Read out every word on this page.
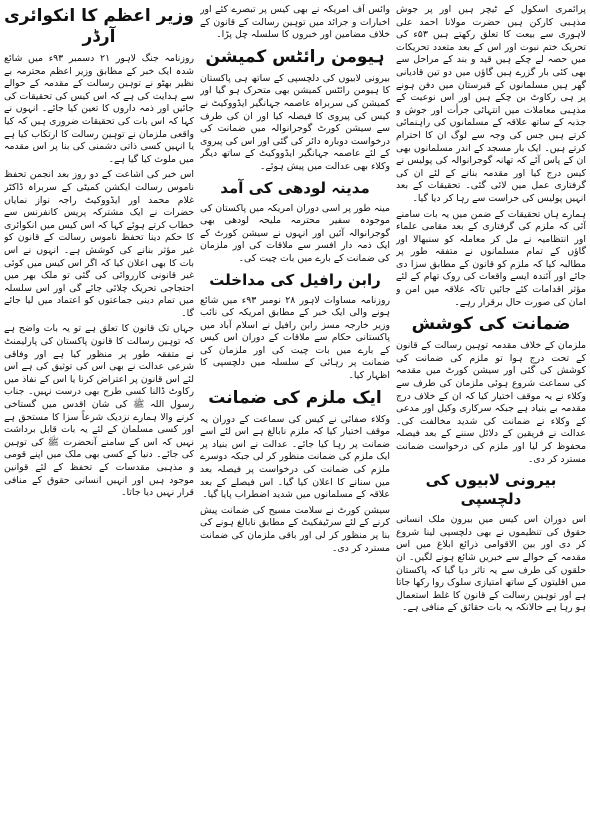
پرائمری اسکول کے ٹیچر ہیں اور پر جوش مذہبی کارکن ہیں حضرت مولانا احمد علی لاہوری سے بیعت کا تعلق رکھتے ہیں ۵۳ء کی تحریک ختم نبوت اور اس کے بعد متعدد تحریکات میں حصہ لے چکے ہیں قید و بند کے مراحل سے بھی کئی بار گزرے ہیں گاؤں میں دو تین قادیانی گھر ہیں مسلمانوں کے قبرستان میں دفن ہونے پر ہی رکاوٹ بن چکے ہیں اور اس نوعیت کے مذہبی معاملات میں انتہائی جرأت اور جوش و جذبہ کے ساتھ علاقہ کے مسلمانوں کی راہنمائی کرتے ہیں جس کی وجہ سے لوگ ان کا احترام کرتے ہیں۔ ایک بار مسجد کے اندر مسلمانوں بھی ان کے پاس آئے کہ تھانہ گوجرانوالہ کی پولیس نے کیس درج کیا اور مقدمہ بنانے کے لئے ان کی گرفتاری عمل میں لائی گئی۔ تحقیقات کے بعد انہیں پولیس کی حراست سے رہا کر دیا گیا۔

ہمارے ہاں تحقیقات کے ضمن میں یہ بات سامنے آئی کہ ملزم کی گرفتاری کے بعد مقامی علماء اور انتظامیہ نے مل کر معاملہ کو سنبھالا اور گاؤں کے تمام مسلمانوں نے متفقہ طور پر مطالبہ کیا کہ ملزم کو قانون کے مطابق سزا دی جائے اور آئندہ ایسے واقعات کی روک تھام کے لئے مؤثر اقدامات کئے جائیں تاکہ علاقہ میں امن و امان کی صورت حال برقرار رہے۔

ضمانت کی کوشش

ملزمان کے خلاف مقدمہ توہین رسالت کے قانون کے تحت درج ہوا تو ملزم کی ضمانت کی کوشش کی گئی اور سیشن کورٹ میں مقدمہ کی سماعت شروع ہوئی ملزمان کی طرف سے وکلاء نے یہ موقف اختیار کیا کہ ان کے خلاف درج مقدمہ بے بنیاد ہے جبکہ سرکاری وکیل اور مدعی کے وکلاء نے ضمانت کی شدید مخالفت کی۔ عدالت نے فریقین کے دلائل سننے کے بعد فیصلہ محفوظ کر لیا اور ملزم کی درخواست ضمانت مسترد کر دی۔

بیرونی لابیوں کی دلچسپی

اس دوران اس کیس میں بیرون ملک انسانی حقوق کی تنظیموں نے بھی دلچسپی لینا شروع کر دی اور بین الاقوامی ذرائع ابلاغ میں اس مقدمہ کے حوالے سے خبریں شائع ہونے لگیں۔ ان حلقوں کی طرف سے یہ تاثر دیا گیا کہ پاکستان میں اقلیتوں کے ساتھ امتیازی سلوک روا رکھا جاتا ہے اور توہین رسالت کے قانون کا غلط استعمال ہو رہا ہے حالانکہ یہ بات حقائق کے منافی ہے۔

وائس آف امریکہ نے بھی کیس پر تبصرے کئے اور اخبارات و جرائد میں توہین رسالت کے قانون کے خلاف مضامین اور خبروں کا سلسلہ چل پڑا۔

ہیومن رائٹس کمیشن

بیرونی لابیوں کی دلچسپی کے ساتھ ہی پاکستان کا ہیومن رائٹس کمیشن بھی متحرک ہو گیا اور کمیشن کی سربراہ عاصمہ جہانگیر ایڈووکیٹ نے کیس کی پیروی کا فیصلہ کیا اور ان کی طرف سے سیشن کورٹ گوجرانوالہ میں ضمانت کی درخواست دوبارہ دائر کی گئی اور اس کی پیروی کے لئے عاصمہ جہانگیر ایڈووکیٹ کے ساتھ دیگر وکلاء بھی عدالت میں پیش ہوئے۔

مدینہ لودھی کی آمد

مینہ طور پر اسی دوران امریکہ میں پاکستان کی موجودہ سفیر محترمہ ملیحہ لودھی بھی گوجرانوالہ آئیں اور انہوں نے سیشن کورٹ کے ایک ذمہ دار افسر سے ملاقات کی اور ملزمان کی ضمانت کے بارے میں بات چیت کی۔

رابن رافیل کی مداخلت

روزنامہ مساوات لاہور ۲۸ نومبر ۹۳ء میں شائع ہونے والی ایک خبر کے مطابق امریکہ کی نائب وزیر خارجہ مسز رابن رافیل نے اسلام آباد میں پاکستانی حکام سے ملاقات کے دوران اس کیس کے بارے میں بات چیت کی اور ملزمان کی ضمانت پر رہائی کے سلسلہ میں دلچسپی کا اظہار کیا۔

ایک ملزم کی ضمانت

وکلاء صفائی نے کیس کی سماعت کے دوران یہ موقف اختیار کیا کہ ملزم نابالغ ہے اس لئے اسے ضمانت پر رہا کیا جائے۔ عدالت نے اس بنیاد پر ایک ملزم کی ضمانت منظور کر لی جبکہ دوسرے ملزم کی ضمانت کی درخواست پر فیصلہ بعد میں سنانے کا اعلان کیا گیا۔ اس فیصلے کے بعد علاقہ کے مسلمانوں میں شدید اضطراب پایا گیا۔

سیشن کورٹ نے سلامت مسیح کی ضمانت پیش کرنے کے لئے سرٹیفکیٹ کے مطابق نابالغ ہونے کی بنا پر منظور کر لی اور باقی ملزمان کی ضمانت مسترد کر دی۔

وزیر اعظم کا انکوائری آرڈر

روزنامہ جنگ لاہور ۲۱ دسمبر ۹۳ء میں شائع شدہ ایک خبر کے مطابق وزیر اعظم محترمہ بے نظیر بھٹو نے توہین رسالت کے مقدمہ کے حوالے سے ہدایت کی ہے کہ اس کیس کی تحقیقات کی جائیں اور ذمہ داروں کا تعین کیا جائے۔ انہوں نے کہا کہ اس بات کی تحقیقات ضروری ہیں کہ کیا واقعی ملزمان نے توہین رسالت کا ارتکاب کیا ہے یا انہیں کسی ذاتی دشمنی کی بنا پر اس مقدمہ میں ملوث کیا گیا ہے۔

اس خبر کی اشاعت کے دو روز بعد انجمن تحفظ ناموس رسالت ایکشن کمیٹی کے سربراہ ڈاکٹر غلام محمد اور ایڈووکیٹ راجہ نواز نمایاں حضرات نے ایک مشترکہ پریس کانفرنس سے خطاب کرتے ہوئے کہا کہ اس کیس میں انکوائری کا حکم دینا تحفظ ناموس رسالت کے قانون کو غیر مؤثر بنانے کی کوشش ہے۔ انہوں نے اس بات کا بھی اعلان کیا کہ اگر اس کیس میں کوئی غیر قانونی کارروائی کی گئی تو ملک بھر میں احتجاجی تحریک چلائی جائے گی اور اس سلسلہ میں تمام دینی جماعتوں کو اعتماد میں لیا جائے گا۔

جہاں تک قانون کا تعلق ہے تو یہ بات واضح ہے کہ توہین رسالت کا قانون پاکستان کی پارلیمنٹ نے متفقہ طور پر منظور کیا ہے اور وفاقی شرعی عدالت نے بھی اس کی توثیق کی ہے اس لئے اس قانون پر اعتراض کرنا یا اس کے نفاذ میں رکاوٹ ڈالنا کسی طرح بھی درست نہیں۔ جناب رسول اللہ ﷺ کی شان اقدس میں گستاخی کرنے والا ہمارے نزدیک شرعاً سزا کا مستحق ہے اور کسی مسلمان کے لئے یہ بات قابل برداشت نہیں کہ اس کے سامنے آنحضرت ﷺ کی توہین کی جائے۔ دنیا کے کسی بھی ملک میں اپنے قومی و مذہبی مقدسات کے تحفظ کے لئے قوانین موجود ہیں اور انہیں انسانی حقوق کے منافی قرار نہیں دیا جاتا۔
